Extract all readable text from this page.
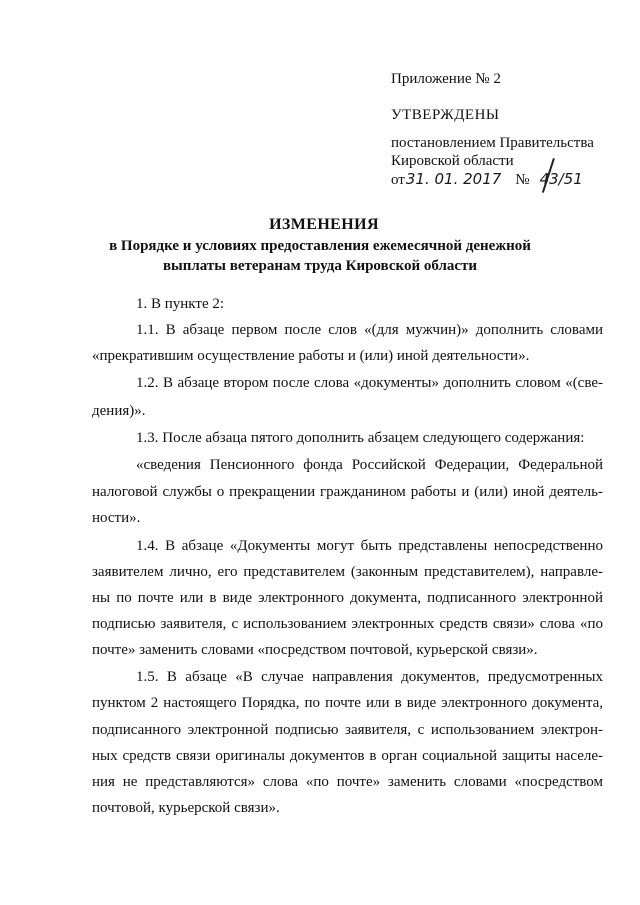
Приложение № 2
УТВЕРЖДЕНЫ
постановлением Правительства
Кировской области
от31. 01. 2017 № 43/51
ИЗМЕНЕНИЯ
в Порядке и условиях предоставления ежемесячной денежной
выплаты ветеранам труда Кировской области
1. В пункте 2:
1.1. В абзаце первом после слов «(для мужчин)» дополнить словами
«прекратившим осуществление работы и (или) иной деятельности».
1.2. В абзаце втором после слова «документы» дополнить словом «(све-
дения)».
1.3. После абзаца пятого дополнить абзацем следующего содержания:
«сведения Пенсионного фонда Российской Федерации, Федеральной
налоговой службы о прекращении гражданином работы и (или) иной деятель-
ности».
1.4. В абзаце «Документы могут быть представлены непосредственно
заявителем лично, его представителем (законным представителем), направле-
ны по почте или в виде электронного документа, подписанного электронной
подписью заявителя, с использованием электронных средств связи» слова «по
почте» заменить словами «посредством почтовой, курьерской связи».
1.5. В абзаце «В случае направления документов, предусмотренных
пунктом 2 настоящего Порядка, по почте или в виде электронного документа,
подписанного электронной подписью заявителя, с использованием электрон-
ных средств связи оригиналы документов в орган социальной защиты населе-
ния не представляются» слова «по почте» заменить словами «посредством
почтовой, курьерской связи».
